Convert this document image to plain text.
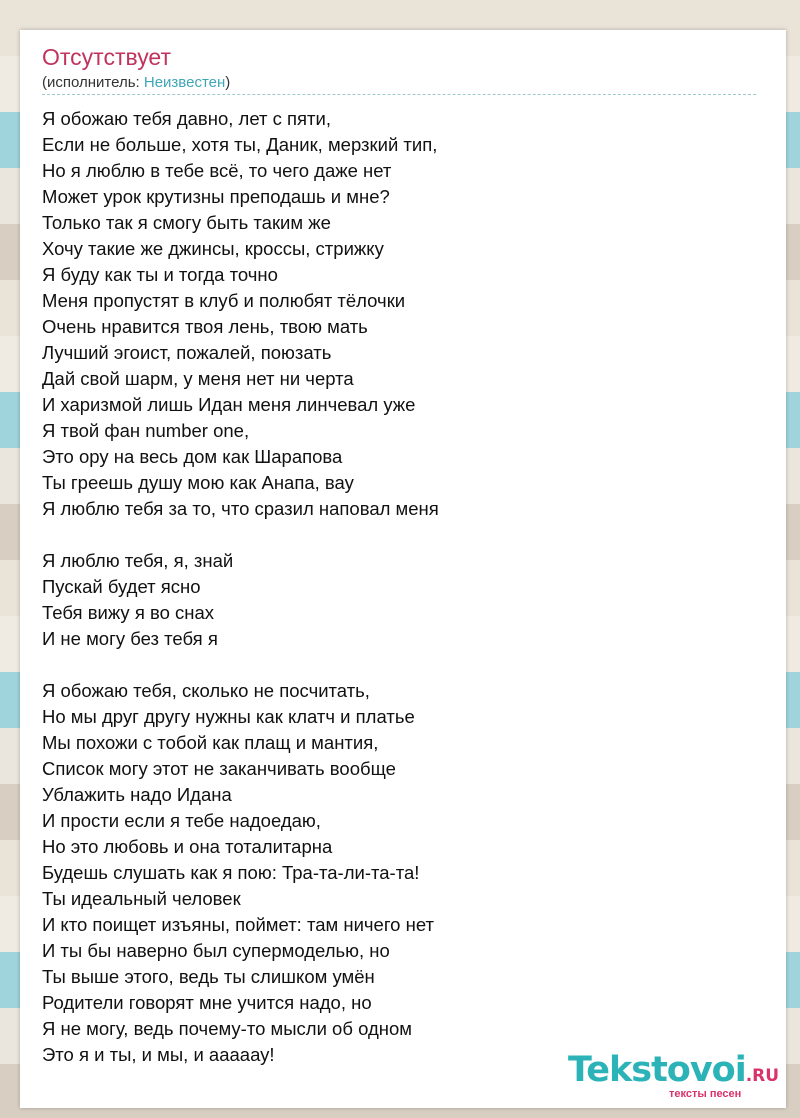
Отсутствует
(исполнитель: Неизвестен)
Я обожаю тебя давно, лет с пяти,
Если не больше, хотя ты, Даник, мерзкий тип,
Но я люблю в тебе всё, то чего даже нет
Может урок крутизны преподашь и мне?
Только так я смогу быть таким же
Хочу такие же джинсы, кроссы, стрижку
Я буду как ты и тогда точно
Меня пропустят в клуб и полюбят тёлочки
Очень нравится твоя лень, твою мать
Лучший эгоист, пожалей, поюзать
Дай свой шарм, у меня нет ни черта
И харизмой лишь Идан меня линчевал уже
Я твой фан number one,
Это ору на весь дом как Шарапова
Ты греешь душу мою как Анапа, вау
Я люблю тебя за то, что сразил наповал меня
Я люблю тебя, я, знай
Пускай будет ясно
Тебя вижу я во снах
И не могу без тебя я
Я обожаю тебя, сколько не посчитать,
Но мы друг другу нужны как клатч и платье
Мы похожи с тобой как плащ и мантия,
Список могу этот не заканчивать вообще
Ублажить надо Идана
И прости если я тебе надоедаю,
Но это любовь и она тоталитарна
Будешь слушать как я пою: Тра-та-ли-та-та!
Ты идеальный человек
И кто поищет изъяны, поймет: там ничего нет
И ты бы наверно был супермоделью, но
Ты выше этого, ведь ты слишком умён
Родители говорят мне учится надо, но
Я не могу, ведь почему-то мысли об одном
Это я и ты, и мы, и ааааау!	Tekstovoi.RU
тексты песен
